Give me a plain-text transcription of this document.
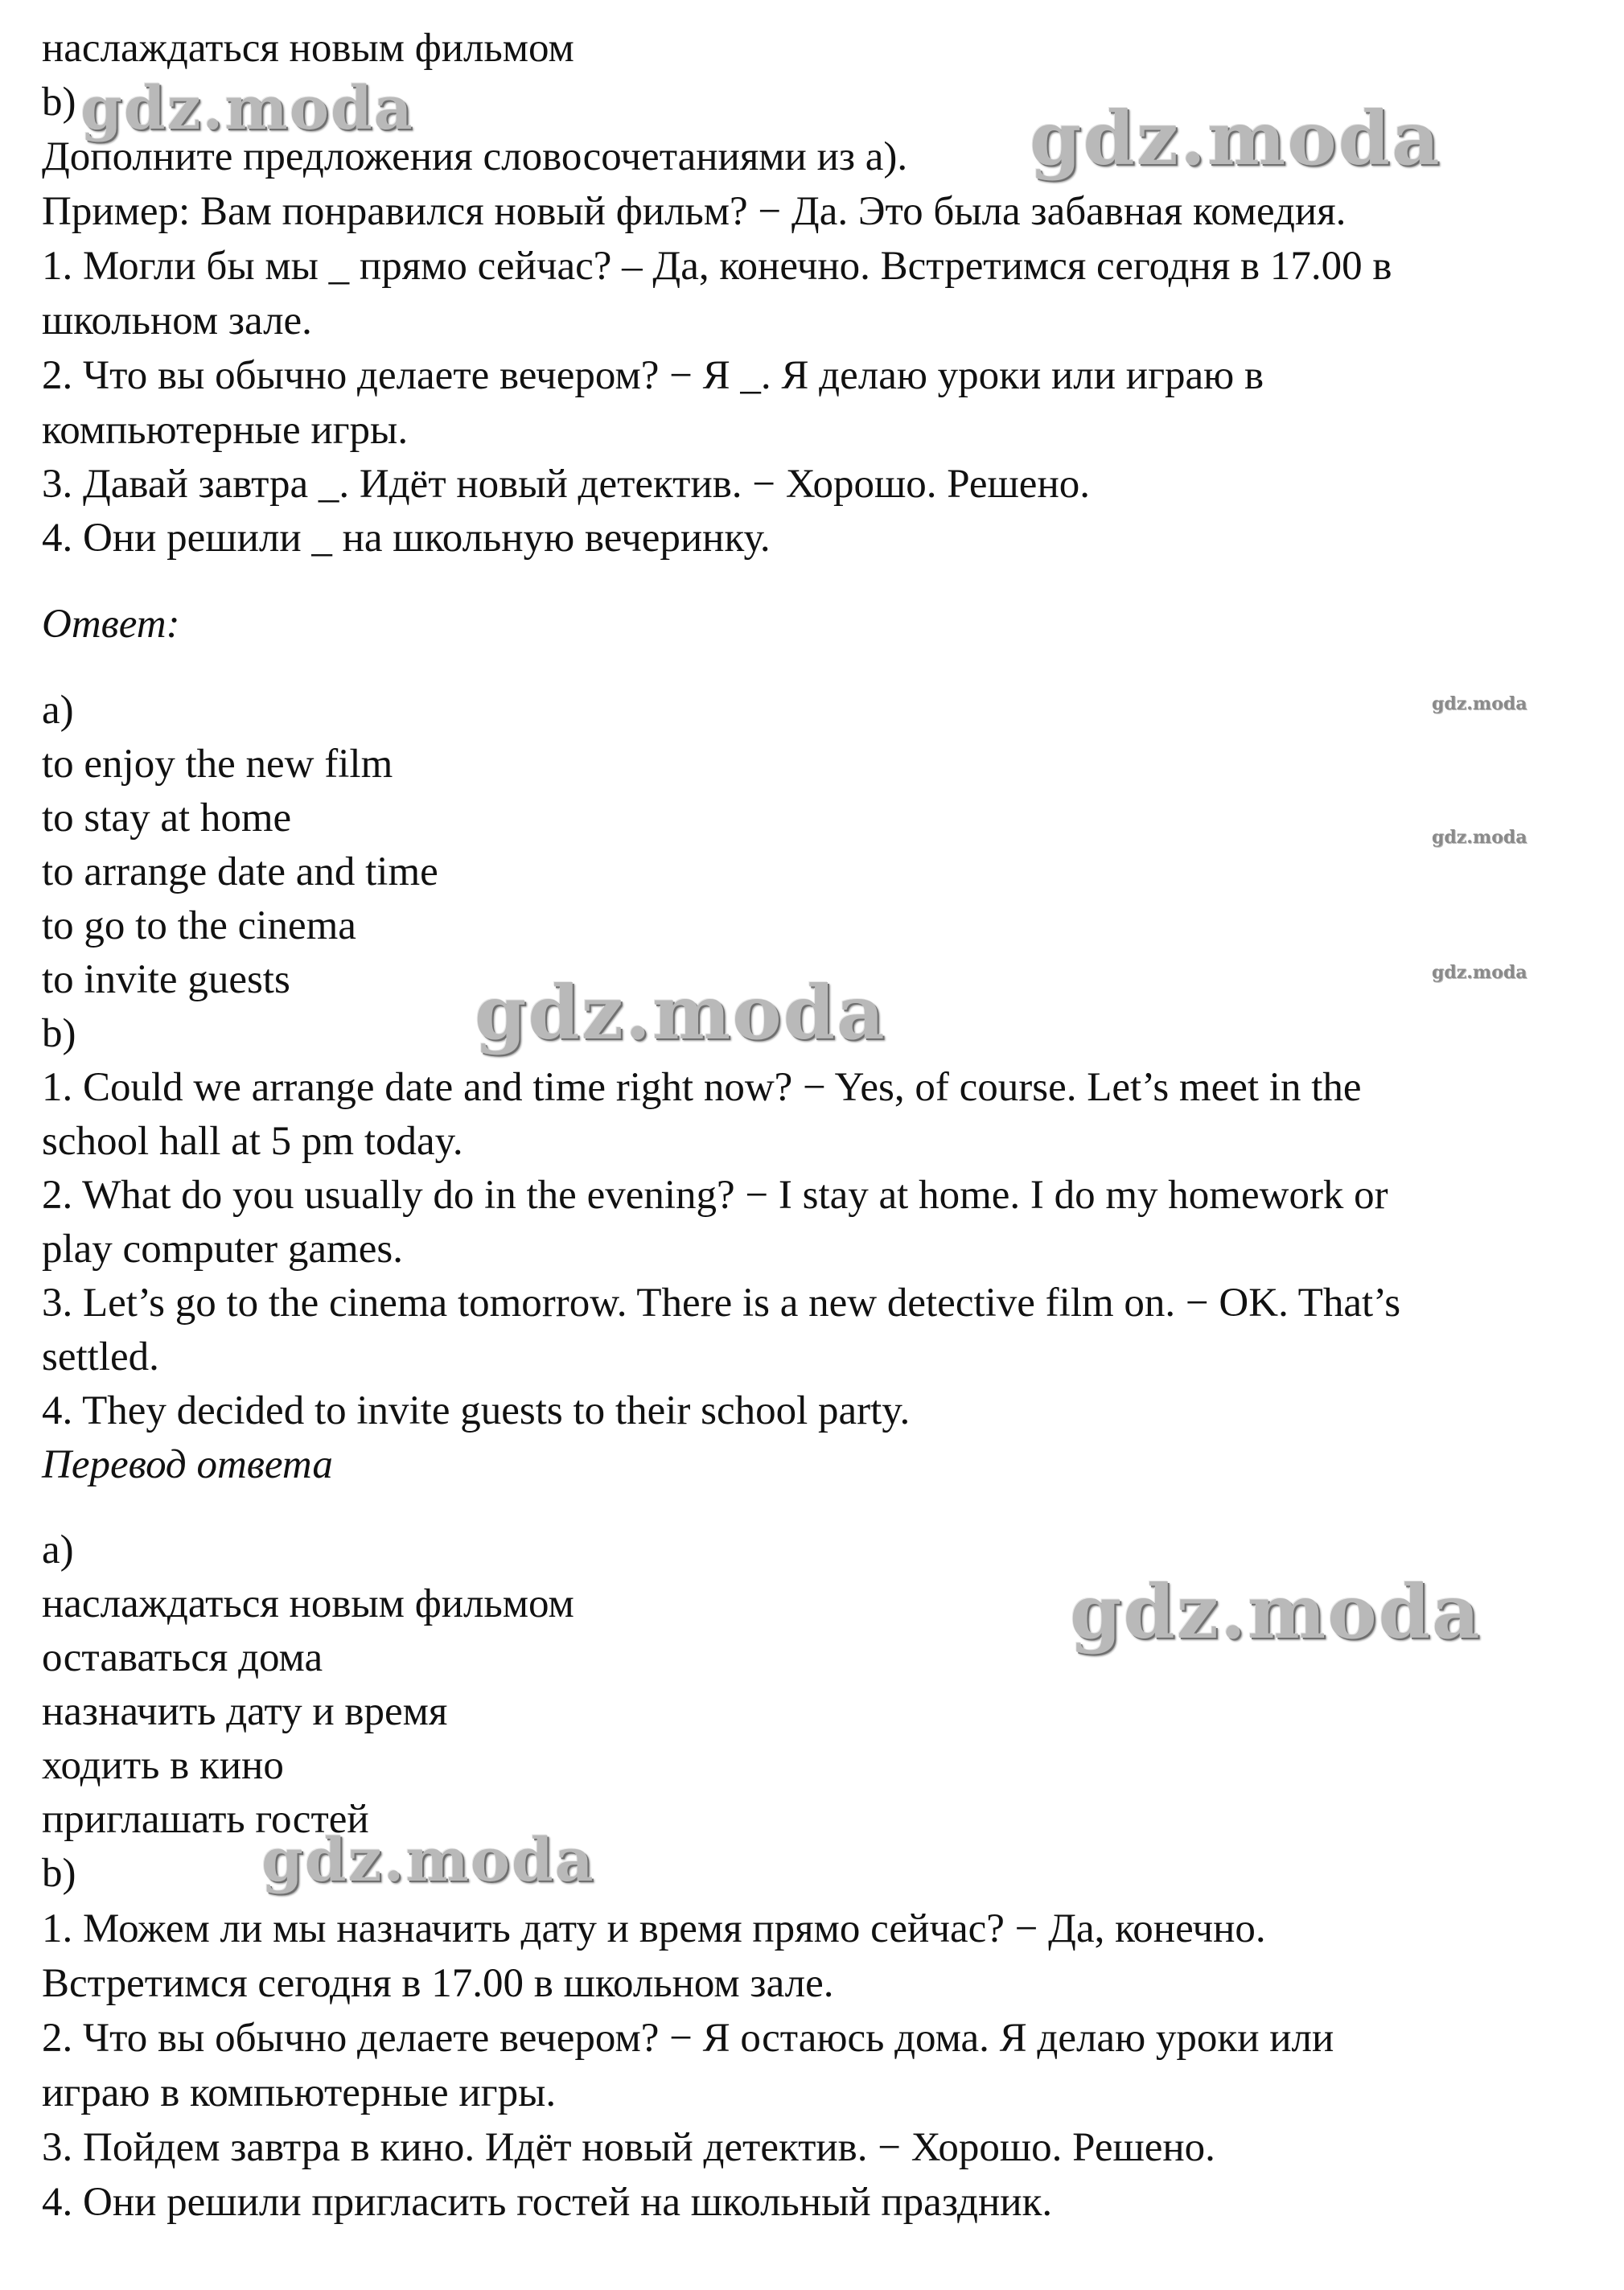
наслаждаться новым фильмом

b)

Дополните предложения словосочетаниями из а).

Пример: Вам понравился новый фильм? − Да. Это была забавная комедия.

1. Могли бы мы _ прямо сейчас? – Да, конечно. Встретимся сегодня в 17.00 в

школьном зале.

2. Что вы обычно делаете вечером? − Я _. Я делаю уроки или играю в

компьютерные игры.

3. Давай завтра _. Идёт новый детектив. − Хорошо. Решено.

4. Они решили _ на школьную вечеринку.

Ответ:

a)

to enjoy the new film

to stay at home

to arrange date and time

to go to the cinema

to invite guests

b)

1. Could we arrange date and time right now? − Yes, of course. Let’s meet in the

school hall at 5 pm today.

2. What do you usually do in the evening? − I stay at home. I do my homework or

play computer games.

3. Let’s go to the cinema tomorrow. There is a new detective film on. − OK. That’s

settled.

4. They decided to invite guests to their school party.

Перевод ответа

а)

наслаждаться новым фильмом

оставаться дома

назначить дату и время

ходить в кино

приглашать гостей

b)

1. Можем ли мы назначить дату и время прямо сейчас? − Да, конечно.

Встретимся сегодня в 17.00 в школьном зале.

2. Что вы обычно делаете вечером? − Я остаюсь дома. Я делаю уроки или

играю в компьютерные игры.

3. Пойдем завтра в кино. Идёт новый детектив. − Хорошо. Решено.

4. Они решили пригласить гостей на школьный праздник.

gdz.moda	gdz.moda
gdz.moda
gdz.moda
gdz.moda
gdz.moda
gdz.moda
gdz.moda
